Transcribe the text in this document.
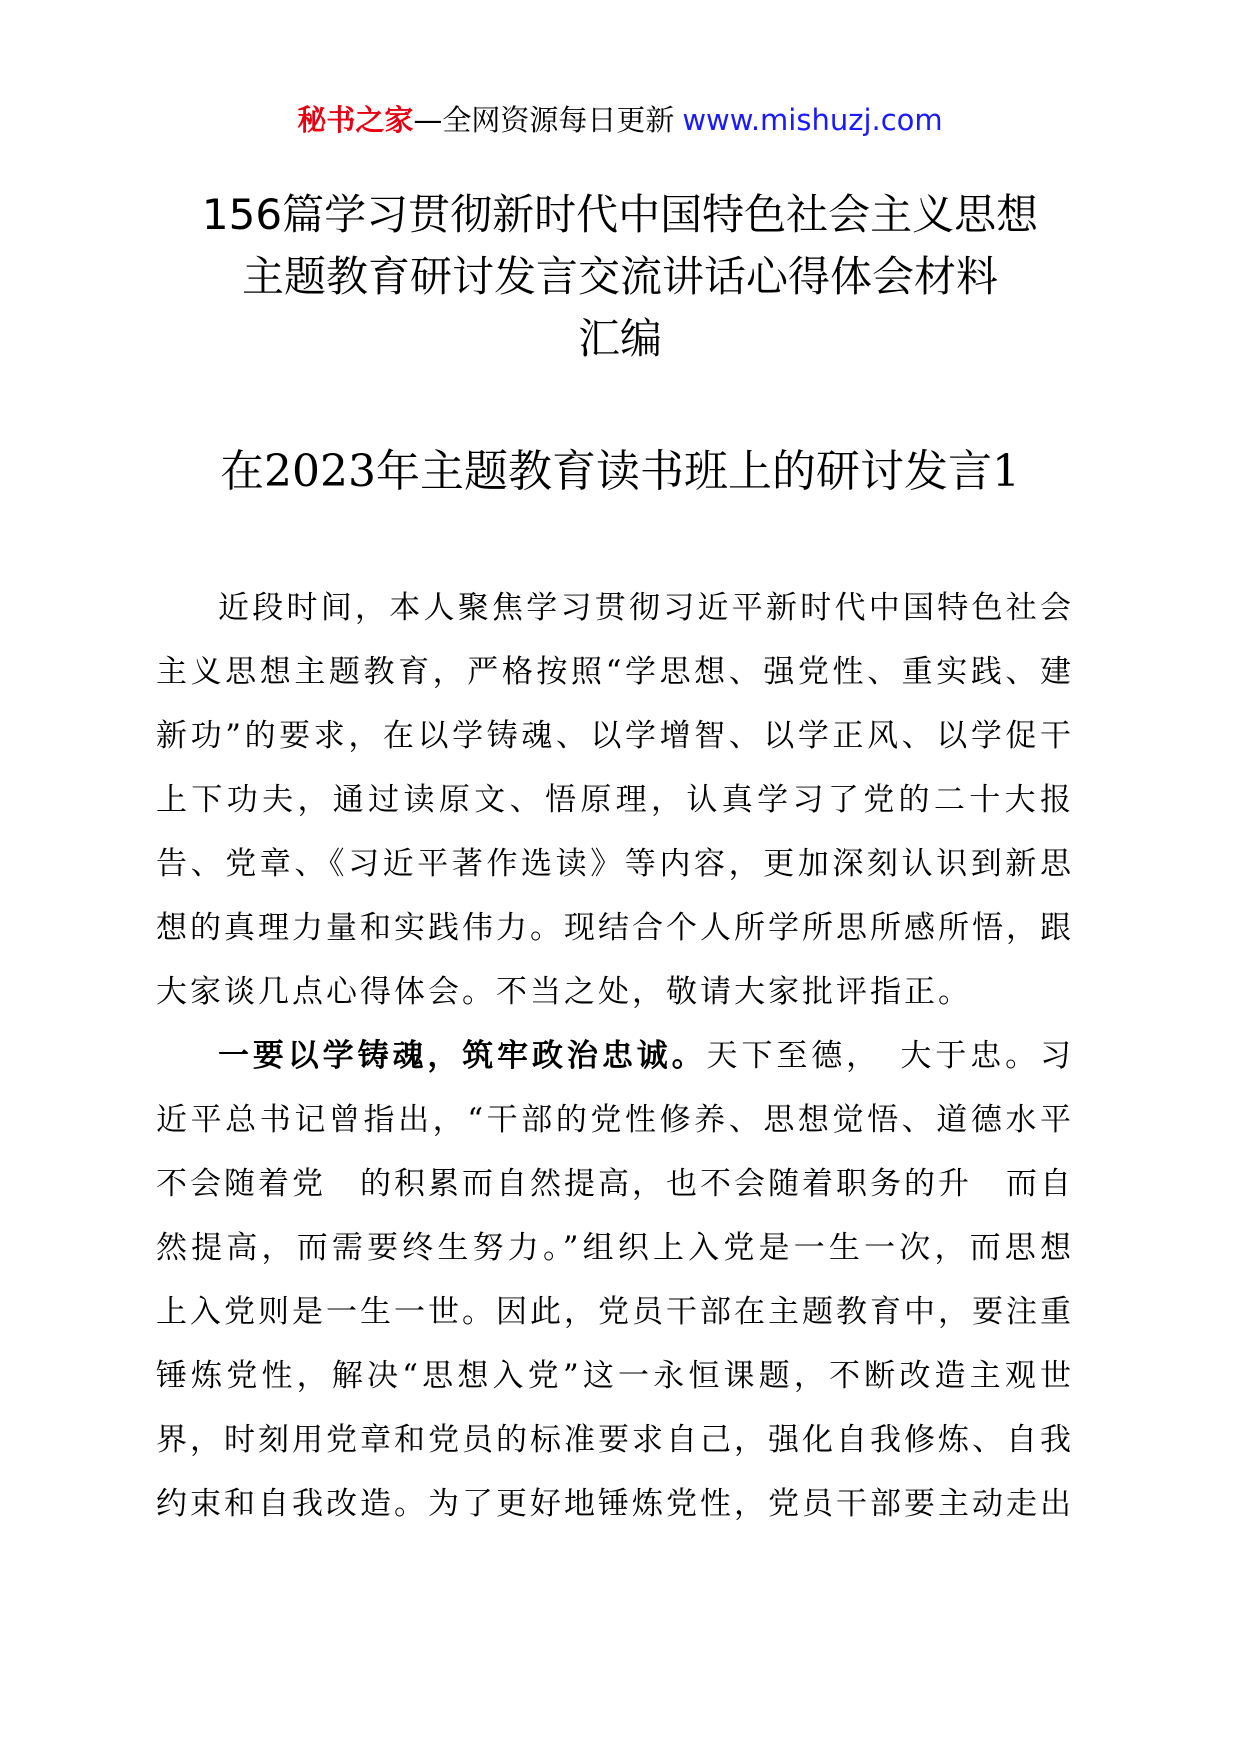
秘书之家—全网资源每日更新 www.mishuzj.com
156篇学习贯彻新时代中国特色社会主义思想
主题教育研讨发言交流讲话心得体会材料
汇编
在2023年主题教育读书班上的研讨发言1

近段时间，本人聚焦学习贯彻习近平新时代中国特色社会主义思想主题教育，严格按照“学思想、强党性、重实践、建新功”的要求，在以学铸魂、以学增智、以学正风、以学促干上下功夫，通过读原文、悟原理，认真学习了党的二十大报告、党章、《习近平著作选读》等内容，更加深刻认识到新思想的真理力量和实践伟力。现结合个人所学所思所感所悟，跟大家谈几点心得体会。不当之处，敬请大家批评指正。

一要以学铸魂，筑牢政治忠诚。天下至德，　大于忠。习近平总书记曾指出，“干部的党性修养、思想觉悟、道德水平不会随着党　的积累而自然提高，也不会随着职务的升　而自然提高，而需要终生努力。”组织上入党是一生一次，而思想上入党则是一生一世。因此，党员干部在主题教育中，要注重锤炼党性，解决“思想入党”这一永恒课题，不断改造主观世界，时刻用党章和党员的标准要求自己，强化自我修炼、自我约束和自我改造。为了更好地锤炼党性，党员干部要主动走出
